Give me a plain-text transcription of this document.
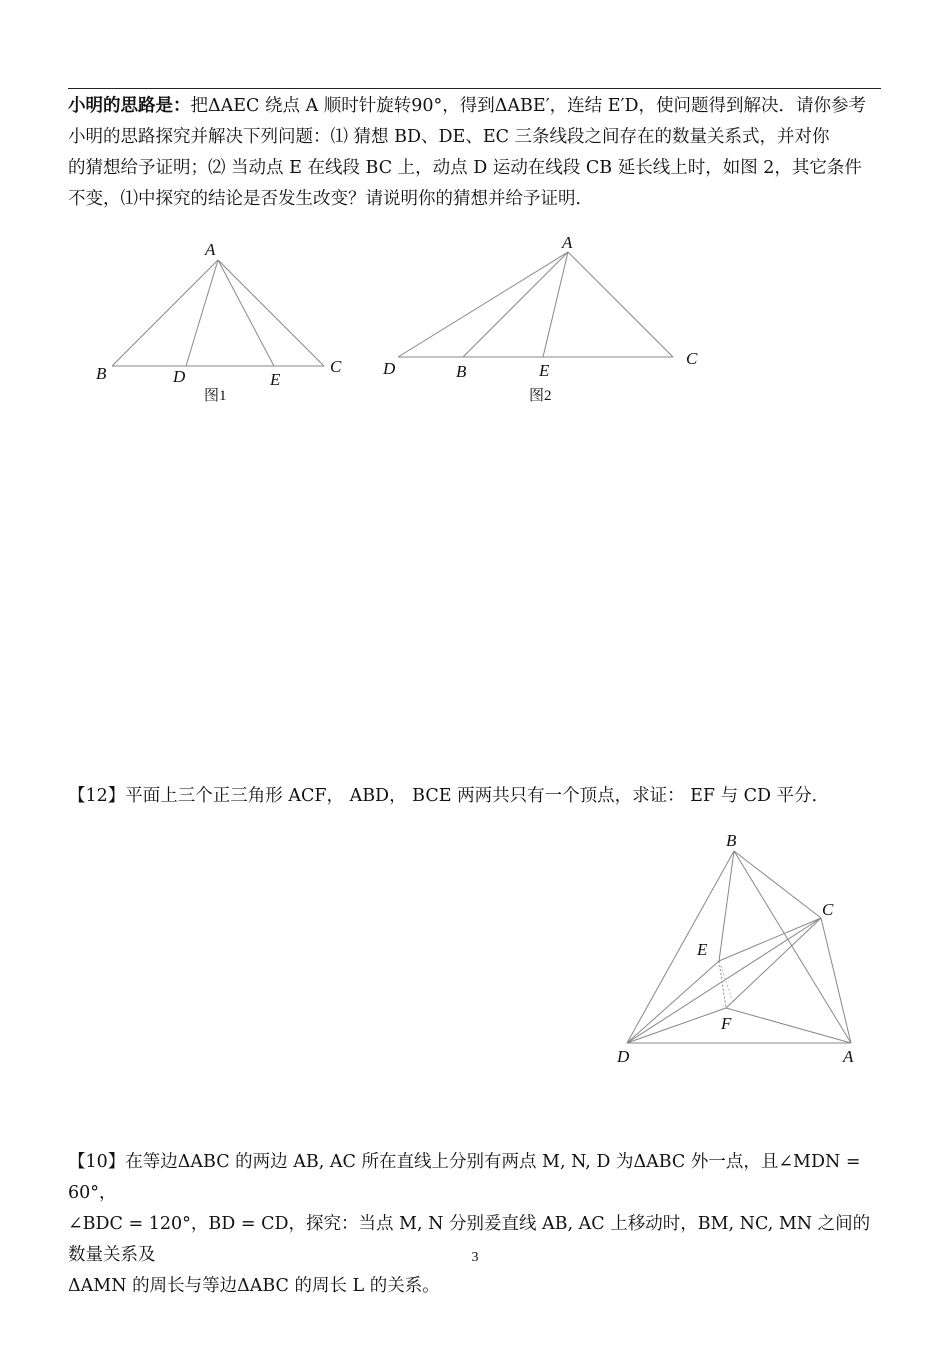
小明的思路是：把ΔAEC 绕点 A 顺时针旋转90°，得到ΔABE′，连结 E′D，使问题得到解决．请你参考
小明的思路探究并解决下列问题：⑴ 猜想 BD、DE、EC 三条线段之间存在的数量关系式，并对你
的猜想给予证明；⑵ 当动点 E 在线段 BC 上，动点 D 运动在线段 CB 延长线上时，如图 2，其它条件
不变，⑴中探究的结论是否发生改变？请说明你的猜想并给予证明．
A
B	C
D	E
图1
A
B
C
D	E
图2
【12】平面上三个正三角形 ACF， ABD， BCE 两两共只有一个顶点，求证： EF 与 CD 平分．
B
C
E
F
D	A
【10】在等边ΔABC 的两边 AB, AC 所在直线上分别有两点 M, N, D 为ΔABC 外一点，且∠MDN = 60°，
∠BDC = 120°，BD = CD，探究：当点 M, N 分别爰直线 AB, AC 上移动时，BM, NC, MN 之间的数量关系及
ΔAMN 的周长与等边ΔABC 的周长 L 的关系。
3
